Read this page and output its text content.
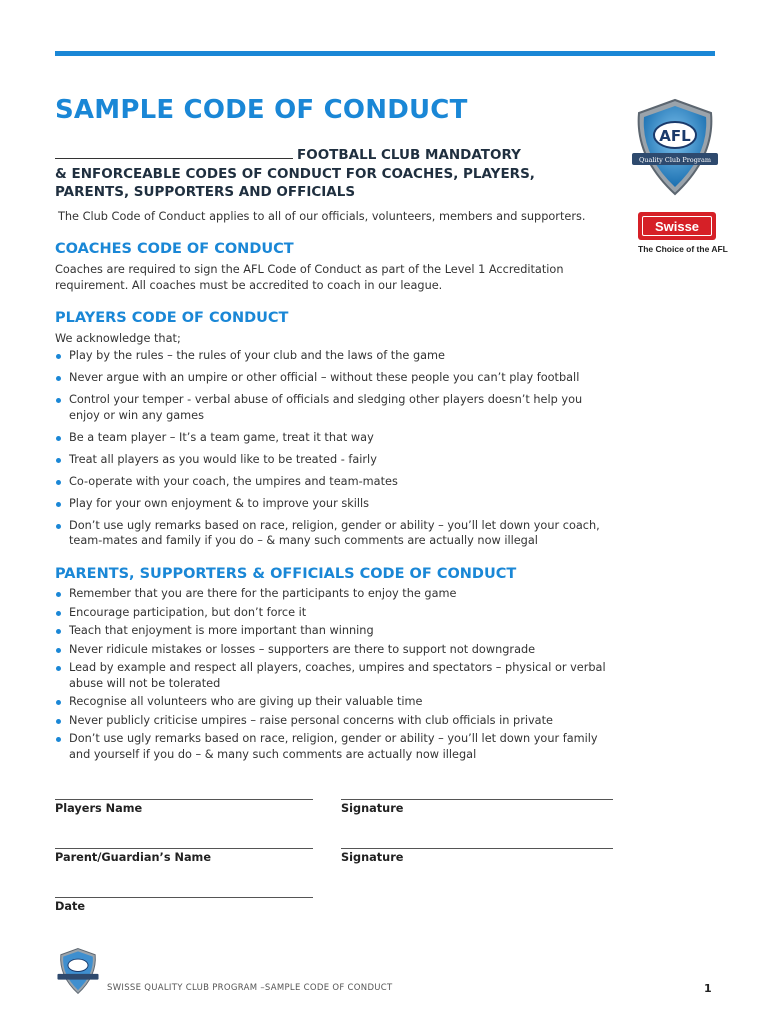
SAMPLE CODE OF CONDUCT

FOOTBALL CLUB MANDATORY
& ENFORCEABLE CODES OF CONDUCT FOR COACHES, PLAYERS,
PARENTS, SUPPORTERS AND OFFICIALS

The Club Code of Conduct applies to all of our officials, volunteers, members and supporters.

AFL
Quality Club Program
Swisse
The Choice of the AFL
COACHES CODE OF CONDUCT

Coaches are required to sign the AFL Code of Conduct as part of the Level 1 Accreditation
requirement. All coaches must be accredited to coach in our league.

PLAYERS CODE OF CONDUCT

We acknowledge that;

Play by the rules – the rules of your club and the laws of the game
Never argue with an umpire or other official – without these people you can’t play football
Control your temper - verbal abuse of officials and sledging other players doesn’t help you enjoy or win any games
Be a team player – It’s a team game, treat it that way
Treat all players as you would like to be treated - fairly
Co-operate with your coach, the umpires and team-mates
Play for your own enjoyment & to improve your skills
Don’t use ugly remarks based on race, religion, gender or ability – you’ll let down your coach, team-mates and family if you do – & many such comments are actually now illegal
PARENTS, SUPPORTERS & OFFICIALS CODE OF CONDUCT
Remember that you are there for the participants to enjoy the game
Encourage participation, but don’t force it
Teach that enjoyment is more important than winning
Never ridicule mistakes or losses – supporters are there to support not downgrade
Lead by example and respect all players, coaches, umpires and spectators – physical or verbal abuse will not be tolerated
Recognise all volunteers who are giving up their valuable time
Never publicly criticise umpires – raise personal concerns with club officials in private
Don’t use ugly remarks based on race, religion, gender or ability – you’ll let down your family and yourself if you do – & many such comments are actually now illegal

Players Name	Signature

Parent/Guardian’s Name	Signature

Date

SWISSE QUALITY CLUB PROGRAM –SAMPLE CODE OF CONDUCT	1
